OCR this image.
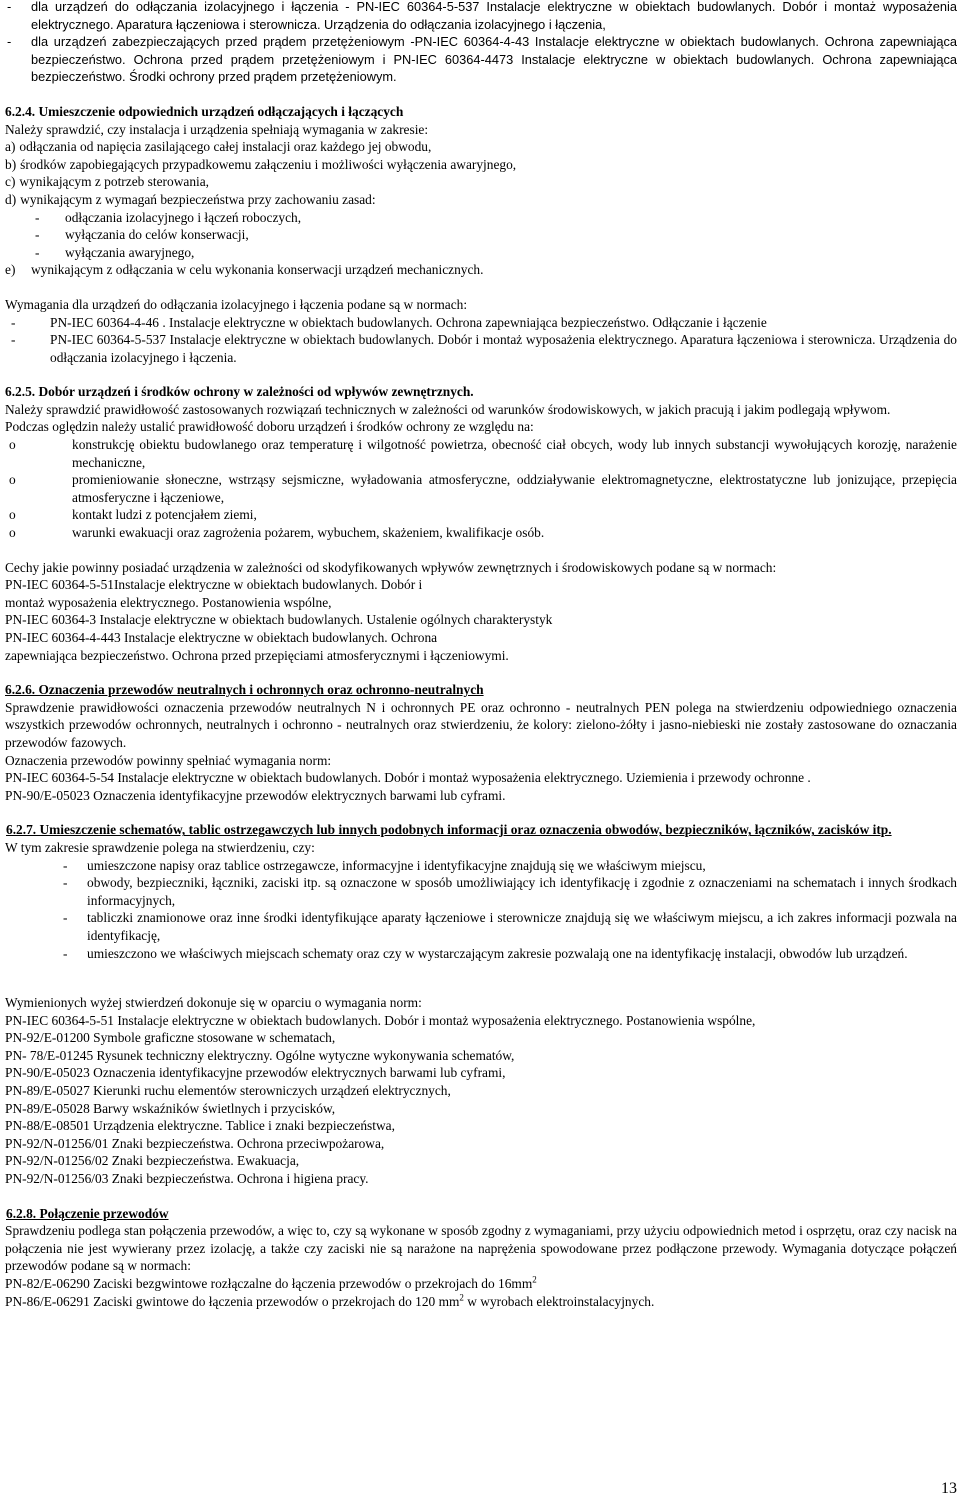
-	dla urządzeń do odłączania izolacyjnego i łączenia - PN-IEC 60364-5-537 Instalacje elektryczne w obiektach budowlanych. Dobór i montaż wyposażenia elektrycznego. Aparatura łączeniowa i sterownicza. Urządzenia do odłączania izolacyjnego i łączenia,
-	dla urządzeń zabezpieczających przed prądem przetężeniowym -PN-IEC 60364-4-43 Instalacje elektryczne w obiektach budowlanych. Ochrona zapewniająca bezpieczeństwo. Ochrona przed prądem przetężeniowym i PN-IEC 60364-4473 Instalacje elektryczne w obiektach budowlanych. Ochrona zapewniająca bezpieczeństwo. Środki ochrony przed prądem przetężeniowym.
6.2.4. Umieszczenie odpowiednich urządzeń odłączających i łączących

Należy sprawdzić, czy instalacja i urządzenia spełniają wymagania w zakresie:

a) odłączania od napięcia zasilającego całej instalacji oraz każdego jej obwodu,
b) środków zapobiegających przypadkowemu załączeniu i możliwości wyłączenia awaryjnego,
c) wynikającym z potrzeb sterowania,
d) wynikającym z wymagań bezpieczeństwa przy zachowaniu zasad:
-	odłączania izolacyjnego i łączeń roboczych,
-	wyłączania do celów konserwacji,
-	wyłączania awaryjnego,
e)	wynikającym z odłączania w celu wykonania konserwacji urządzeń mechanicznych.

Wymagania dla urządzeń do odłączania izolacyjnego i łączenia podane są w normach:

-	PN-IEC 60364-4-46 . Instalacje elektryczne w obiektach budowlanych. Ochrona zapewniająca bezpieczeństwo. Odłączanie i łączenie
-	PN-IEC 60364-5-537 Instalacje elektryczne w obiektach budowlanych. Dobór i montaż wyposażenia elektrycznego. Aparatura łączeniowa i sterownicza. Urządzenia do odłączania izolacyjnego i łączenia.
6.2.5. Dobór urządzeń i środków ochrony w zależności od wpływów zewnętrznych.

Należy sprawdzić prawidłowość zastosowanych rozwiązań technicznych w zależności od warunków środowiskowych, w jakich pracują i jakim podlegają wpływom.

Podczas oględzin należy ustalić prawidłowość doboru urządzeń i środków ochrony ze względu na:

o	konstrukcję obiektu budowlanego oraz temperaturę i wilgotność powietrza, obecność ciał obcych, wody lub innych substancji wywołujących korozję, narażenie mechaniczne,
o	promieniowanie słoneczne, wstrząsy sejsmiczne, wyładowania atmosferyczne, oddziaływanie elektromagnetyczne, elektrostatyczne lub jonizujące, przepięcia atmosferyczne i łączeniowe,
o	kontakt ludzi z potencjałem ziemi,
o	warunki ewakuacji oraz zagrożenia pożarem, wybuchem, skażeniem, kwalifikacje osób.
Cechy jakie powinny posiadać urządzenia w zależności od skodyfikowanych wpływów zewnętrznych i środowiskowych podane są w normach:
PN-IEC 60364-5-51Instalacje elektryczne w obiektach budowlanych. Dobór i
montaż wyposażenia elektrycznego. Postanowienia wspólne,
PN-IEC 60364-3 Instalacje elektryczne w obiektach budowlanych. Ustalenie ogólnych charakterystyk
PN-IEC 60364-4-443 Instalacje elektryczne w obiektach budowlanych. Ochrona
zapewniająca bezpieczeństwo. Ochrona przed przepięciami atmosferycznymi i łączeniowymi.
6.2.6. Oznaczenia przewodów neutralnych i ochronnych oraz ochronno-neutralnych

Sprawdzenie prawidłowości oznaczenia przewodów neutralnych N i ochronnych PE oraz ochronno - neutralnych PEN polega na stwierdzeniu odpowiedniego oznaczenia wszystkich przewodów ochronnych, neutralnych i ochronno - neutralnych oraz stwierdzeniu, że kolory: zielono-żółty i jasno-niebieski nie zostały zastosowane do oznaczania przewodów fazowych.

Oznaczenia przewodów powinny spełniać wymagania norm:

PN-IEC 60364-5-54 Instalacje elektryczne w obiektach budowlanych. Dobór i montaż wyposażenia elektrycznego. Uziemienia i przewody ochronne .

PN-90/E-05023 Oznaczenia identyfikacyjne przewodów elektrycznych barwami lub cyframi.

6.2.7. Umieszczenie schematów, tablic ostrzegawczych lub innych podobnych informacji oraz oznaczenia obwodów, bezpieczników, łączników, zacisków itp.

W tym zakresie sprawdzenie polega na stwierdzeniu, czy:

-	umieszczone napisy oraz tablice ostrzegawcze, informacyjne i identyfikacyjne znajdują się we właściwym miejscu,
-	obwody, bezpieczniki, łączniki, zaciski itp. są oznaczone w sposób umożliwiający ich identyfikację i zgodnie z oznaczeniami na schematach i innych środkach informacyjnych,
-	tabliczki znamionowe oraz inne środki identyfikujące aparaty łączeniowe i sterownicze znajdują się we właściwym miejscu, a ich zakres informacji pozwala na identyfikację,
-	umieszczono we właściwych miejscach schematy oraz czy w wystarczającym zakresie pozwalają one na identyfikację instalacji, obwodów lub urządzeń.

Wymienionych wyżej stwierdzeń dokonuje się w oparciu o wymagania norm:

PN-IEC 60364-5-51 Instalacje elektryczne w obiektach budowlanych. Dobór i montaż wyposażenia elektrycznego. Postanowienia wspólne,
PN-92/E-01200 Symbole graficzne stosowane w schematach,
PN- 78/E-01245 Rysunek techniczny elektryczny. Ogólne wytyczne wykonywania schematów,
PN-90/E-05023 Oznaczenia identyfikacyjne przewodów elektrycznych barwami lub cyframi,
PN-89/E-05027 Kierunki ruchu elementów sterowniczych urządzeń elektrycznych,
PN-89/E-05028 Barwy wskaźników świetlnych i przycisków,
PN-88/E-08501 Urządzenia elektryczne. Tablice i znaki bezpieczeństwa,
PN-92/N-01256/01 Znaki bezpieczeństwa. Ochrona przeciwpożarowa,
PN-92/N-01256/02 Znaki bezpieczeństwa. Ewakuacja,
PN-92/N-01256/03 Znaki bezpieczeństwa. Ochrona i higiena pracy.
6.2.8. Połączenie przewodów

Sprawdzeniu podlega stan połączenia przewodów, a więc to, czy są wykonane w sposób zgodny z wymaganiami, przy użyciu odpowiednich metod i osprzętu, oraz czy nacisk na połączenia nie jest wywierany przez izolację, a także czy zaciski nie są narażone na naprężenia spowodowane przez podłączone przewody. Wymagania dotyczące połączeń przewodów podane są w normach:

PN-82/E-06290 Zaciski bezgwintowe rozłączalne do łączenia przewodów o przekrojach do $16mm^2$
PN-86/E-06291 Zaciski gwintowe do łączenia przewodów o przekrojach do 120 $mm^2$ w wyrobach elektroinstalacyjnych.
13
